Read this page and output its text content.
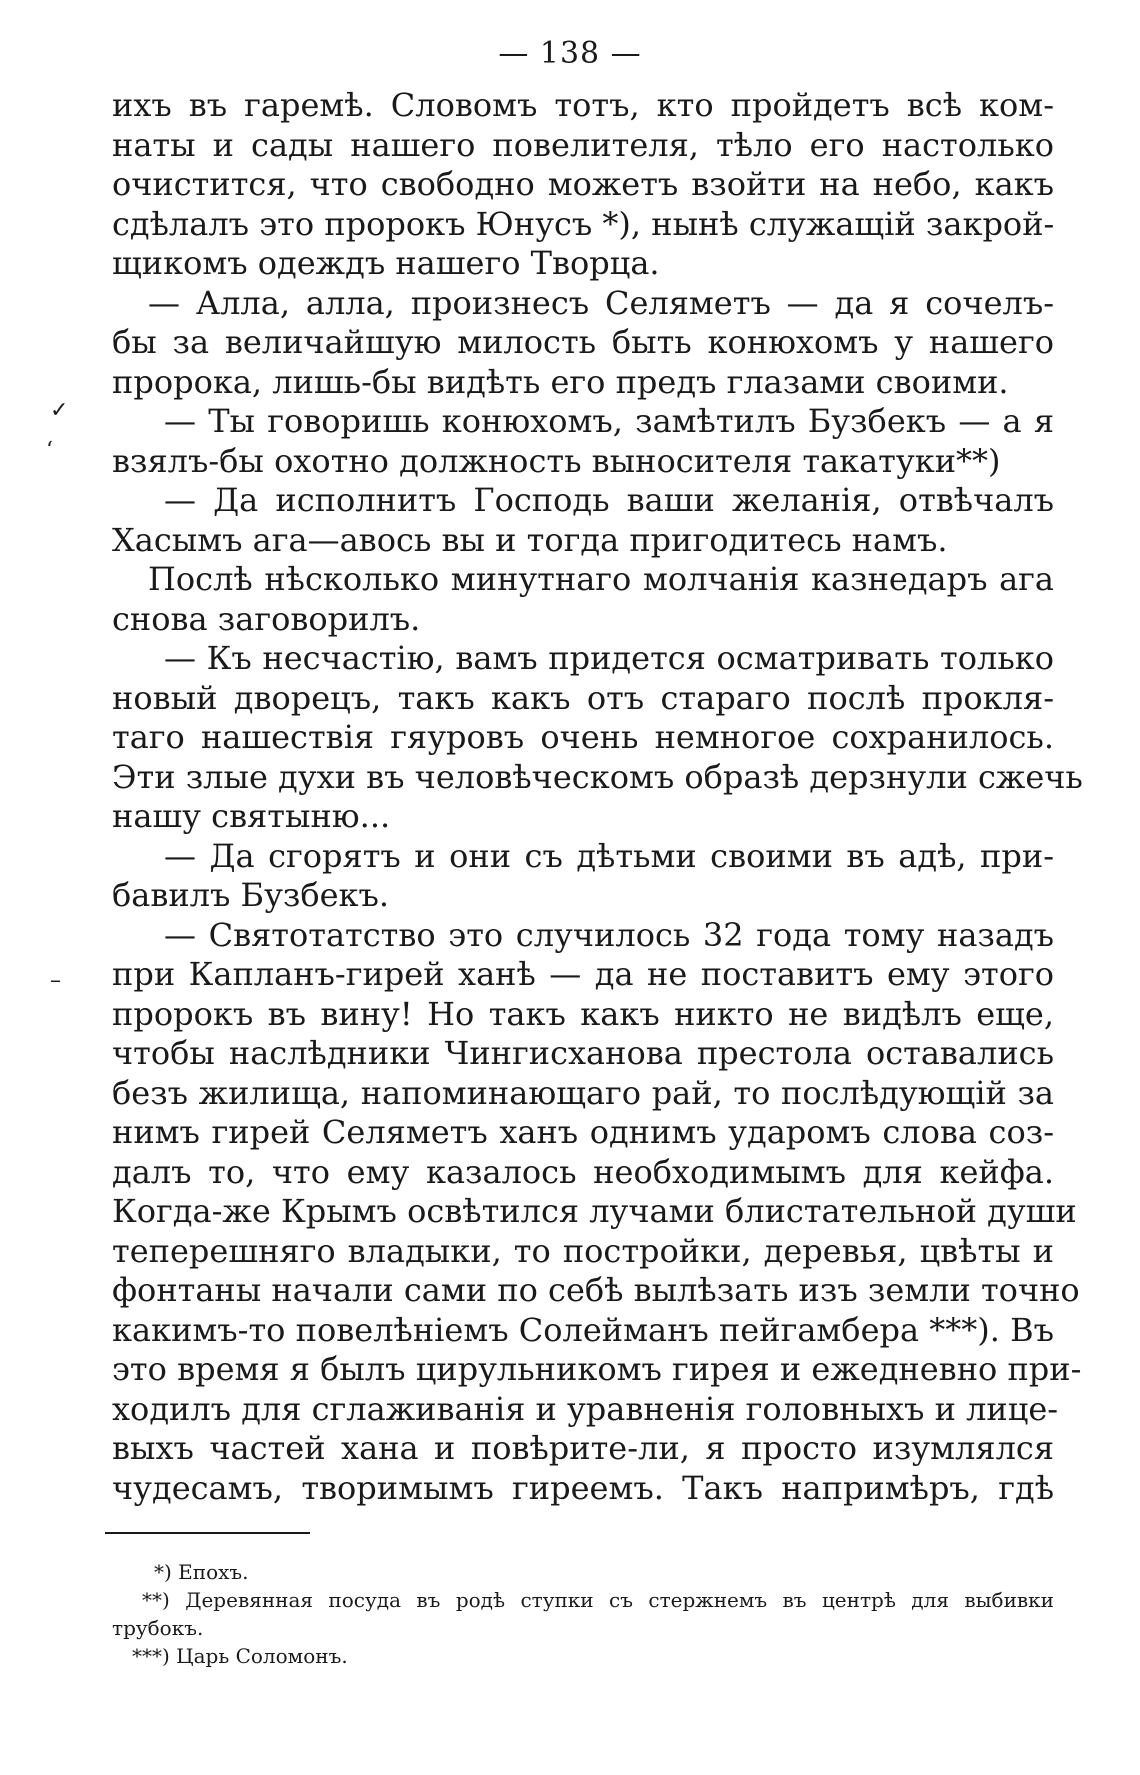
— 138 —
ихъ въ гаремѣ. Словомъ тотъ, кто пройдетъ всѣ ком-
наты и сады нашего повелителя, тѣло его настолько
очистится, что свободно можетъ взойти на небо, какъ
сдѣлалъ это пророкъ Юнусъ *), нынѣ служащій закрой-
щикомъ одеждъ нашего Творца.
— Алла, алла, произнесъ Селяметъ — да я сочелъ-
бы за величайшую милость быть конюхомъ у нашего
пророка, лишь-бы видѣть его предъ глазами своими.
— Ты говоришь конюхомъ, замѣтилъ Бузбекъ — а я
взялъ-бы охотно должность выносителя такатуки**)
— Да исполнитъ Господь ваши желанія, отвѣчалъ
Хасымъ ага—авось вы и тогда пригодитесь намъ.
Послѣ нѣсколько минутнаго молчанія казнедаръ ага
снова заговорилъ.
— Къ несчастію, вамъ придется осматривать только
новый дворецъ, такъ какъ отъ стараго послѣ прокля-
таго нашествія гяуровъ очень немногое сохранилось.
Эти злые духи въ человѣческомъ образѣ дерзнули сжечь
нашу святыню...
— Да сгорятъ и они съ дѣтьми своими въ адѣ, при-
бавилъ Бузбекъ.
— Святотатство это случилось 32 года тому назадъ
при Капланъ-гирей ханѣ — да не поставитъ ему этого
пророкъ въ вину! Но такъ какъ никто не видѣлъ еще,
чтобы наслѣдники Чингисханова престола оставались
безъ жилища, напоминающаго рай, то послѣдующій за
нимъ гирей Селяметъ ханъ однимъ ударомъ слова соз-
далъ то, что ему казалось необходимымъ для кейфа.
Когда-же Крымъ освѣтился лучами блистательной души
теперешняго владыки, то постройки, деревья, цвѣты и
фонтаны начали сами по себѣ вылѣзать изъ земли точно
какимъ-то повелѣніемъ Солейманъ пейгамбера ***). Въ
это время я былъ цирульникомъ гирея и ежедневно при-
ходилъ для сглаживанія и уравненія головныхъ и лице-
выхъ частей хана и повѣрите-ли, я просто изумлялся
чудесамъ, творимымъ гиреемъ. Такъ напримѣръ, гдѣ
*) Епохъ.
**) Деревянная посуда въ родѣ ступки съ стержнемъ въ центрѣ для выбивки
трубокъ.
***) Царь Соломонъ.
✓
ʻ
–
